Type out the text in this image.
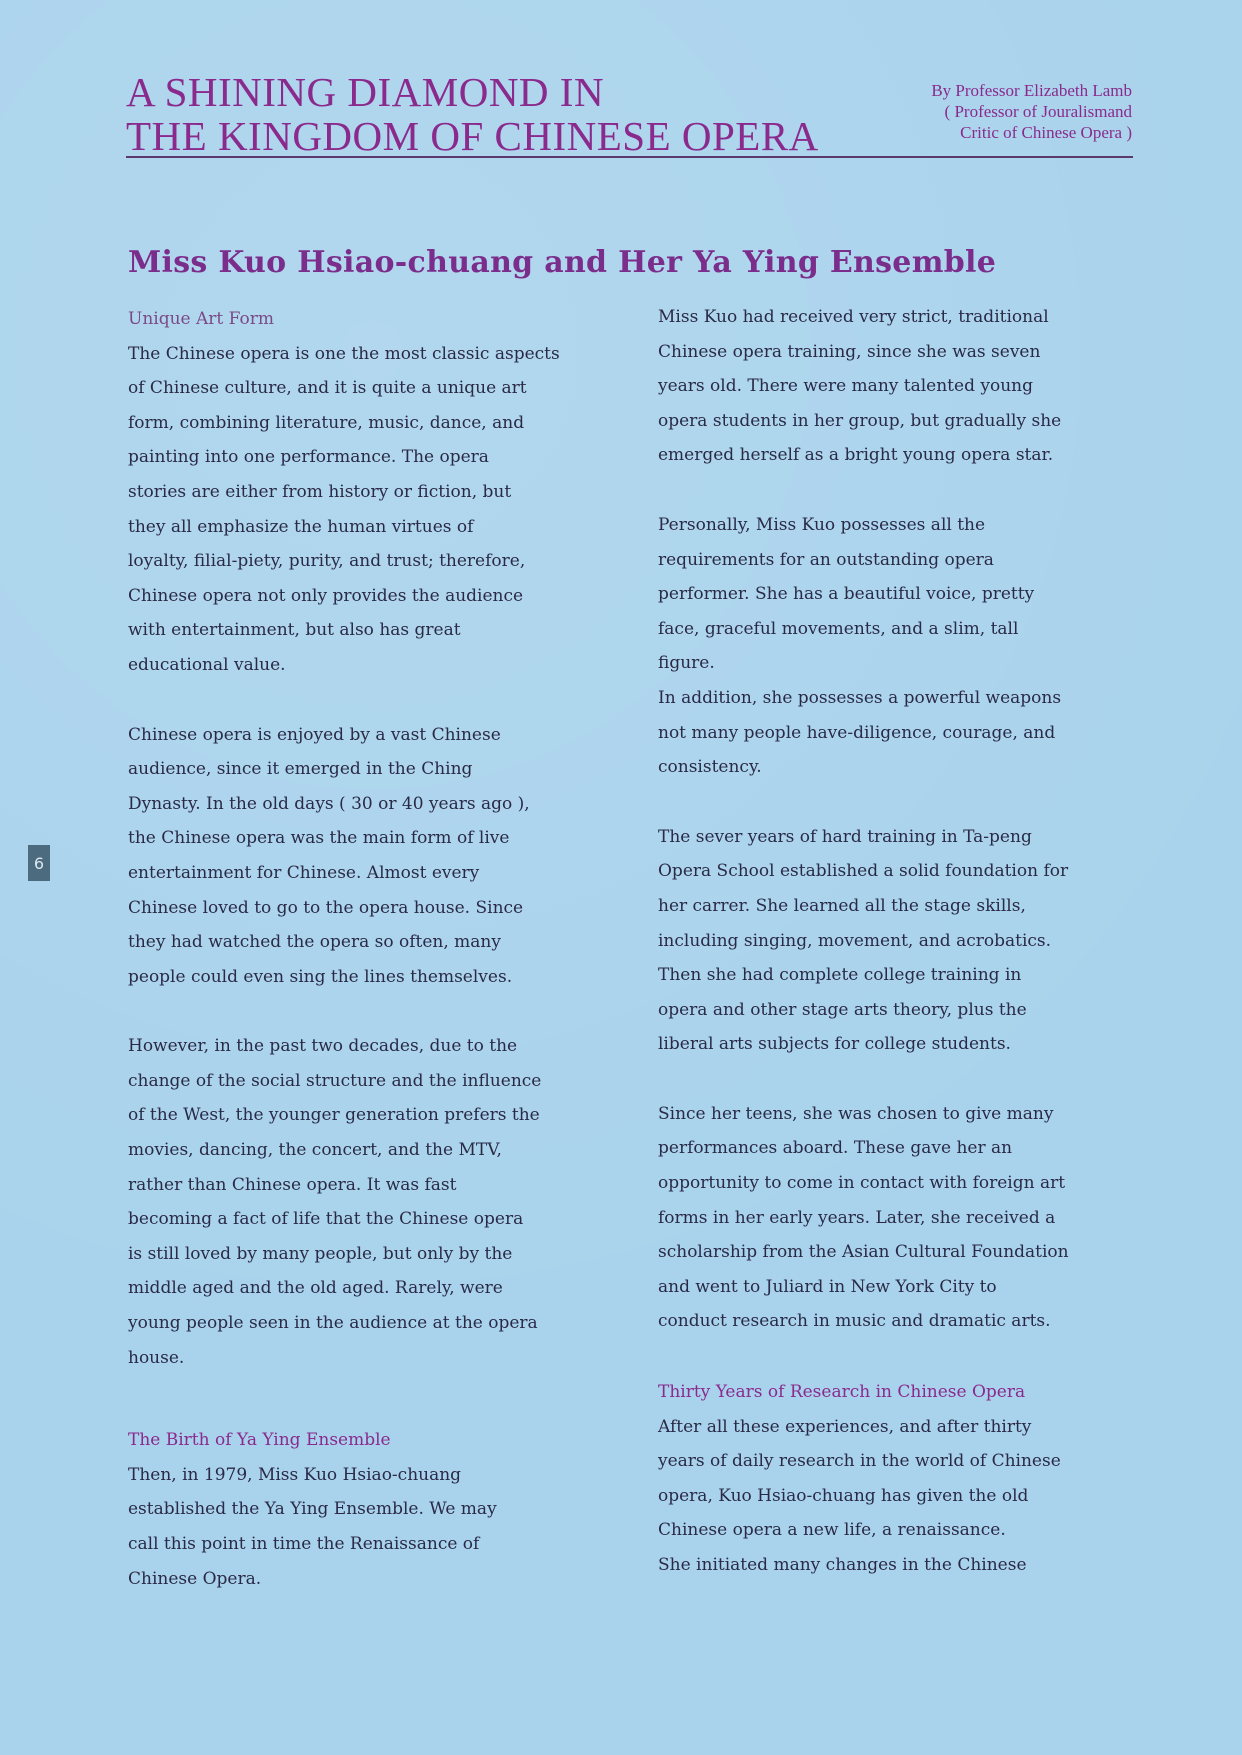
A SHINING DIAMOND IN
THE KINGDOM OF CHINESE OPERA
By Professor Elizabeth Lamb
( Professor of Jouralismand
Critic of Chinese Opera )
Miss Kuo Hsiao-chuang and Her Ya Ying Ensemble
6

Unique Art Form

The Chinese opera is one the most classic aspects
of Chinese culture, and it is quite a unique art
form, combining literature, music, dance, and
painting into one performance. The opera
stories are either from history or fiction, but
they all emphasize the human virtues of
loyalty, filial-piety, purity, and trust; therefore,
Chinese opera not only provides the audience
with entertainment, but also has great
educational value.

Chinese opera is enjoyed by a vast Chinese
audience, since it emerged in the Ching
Dynasty. In the old days ( 30 or 40 years ago ),
the Chinese opera was the main form of live
entertainment for Chinese. Almost every
Chinese loved to go to the opera house. Since
they had watched the opera so often, many
people could even sing the lines themselves.

However, in the past two decades, due to the
change of the social structure and the influence
of the West, the younger generation prefers the
movies, dancing, the concert, and the MTV,
rather than Chinese opera. It was fast
becoming a fact of life that the Chinese opera
is still loved by many people, but only by the
middle aged and the old aged. Rarely, were
young people seen in the audience at the opera
house.

The Birth of Ya Ying Ensemble

Then, in 1979, Miss Kuo Hsiao-chuang
established the Ya Ying Ensemble. We may
call this point in time the Renaissance of
Chinese Opera.

Miss Kuo had received very strict, traditional
Chinese opera training, since she was seven
years old. There were many talented young
opera students in her group, but gradually she
emerged herself as a bright young opera star.

Personally, Miss Kuo possesses all the
requirements for an outstanding opera
performer. She has a beautiful voice, pretty
face, graceful movements, and a slim, tall
figure.

In addition, she possesses a powerful weapons
not many people have-diligence, courage, and
consistency.

The sever years of hard training in Ta-peng
Opera School established a solid foundation for
her carrer. She learned all the stage skills,
including singing, movement, and acrobatics.
Then she had complete college training in
opera and other stage arts theory, plus the
liberal arts subjects for college students.

Since her teens, she was chosen to give many
performances aboard. These gave her an
opportunity to come in contact with foreign art
forms in her early years. Later, she received a
scholarship from the Asian Cultural Foundation
and went to Juliard in New York City to
conduct research in music and dramatic arts.

Thirty Years of Research in Chinese Opera

After all these experiences, and after thirty
years of daily research in the world of Chinese
opera, Kuo Hsiao-chuang has given the old
Chinese opera a new life, a renaissance.
She initiated many changes in the Chinese
